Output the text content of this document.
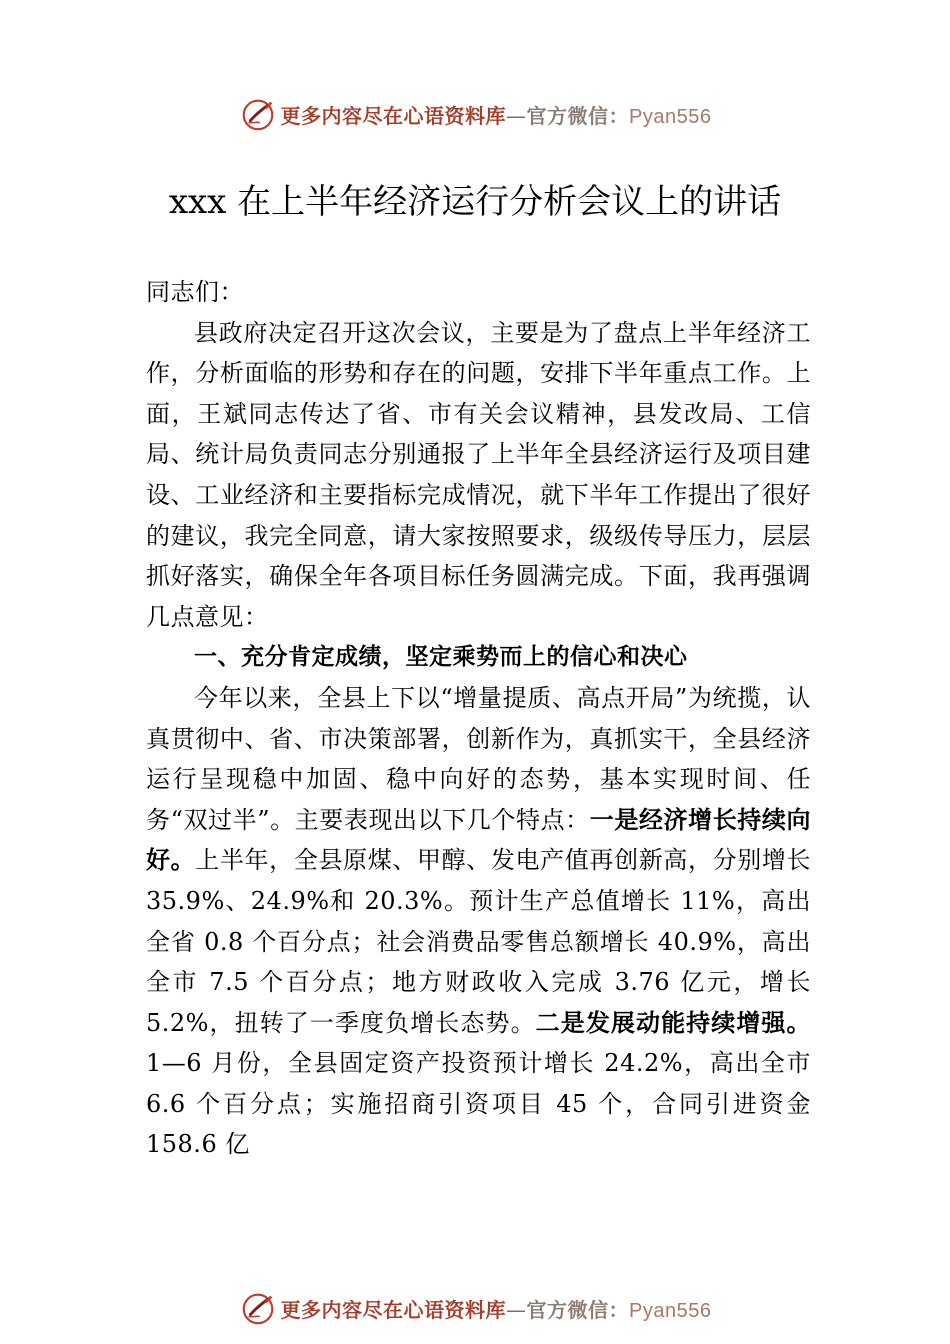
更多内容尽在心语资料库—官方微信：Pyan556
xxx 在上半年经济运行分析会议上的讲话

同志们：

县政府决定召开这次会议，主要是为了盘点上半年经济工作，分析面临的形势和存在的问题，安排下半年重点工作。上面，王斌同志传达了省、市有关会议精神，县发改局、工信局、统计局负责同志分别通报了上半年全县经济运行及项目建设、工业经济和主要指标完成情况，就下半年工作提出了很好的建议，我完全同意，请大家按照要求，级级传导压力，层层抓好落实，确保全年各项目标任务圆满完成。下面，我再强调几点意见：

一、充分肯定成绩，坚定乘势而上的信心和决心

今年以来，全县上下以“增量提质、高点开局”为统揽，认真贯彻中、省、市决策部署，创新作为，真抓实干，全县经济运行呈现稳中加固、稳中向好的态势，基本实现时间、任务“双过半”。主要表现出以下几个特点：一是经济增长持续向好。上半年，全县原煤、甲醇、发电产值再创新高，分别增长 35.9%、24.9%和 20.3%。预计生产总值增长 11%，高出全省 0.8 个百分点；社会消费品零售总额增长 40.9%，高出全市 7.5 个百分点；地方财政收入完成 3.76 亿元，增长 5.2%，扭转了一季度负增长态势。二是发展动能持续增强。1—6 月份，全县固定资产投资预计增长 24.2%，高出全市 6.6 个百分点；实施招商引资项目 45 个，合同引进资金 158.6 亿

更多内容尽在心语资料库—官方微信：Pyan556
